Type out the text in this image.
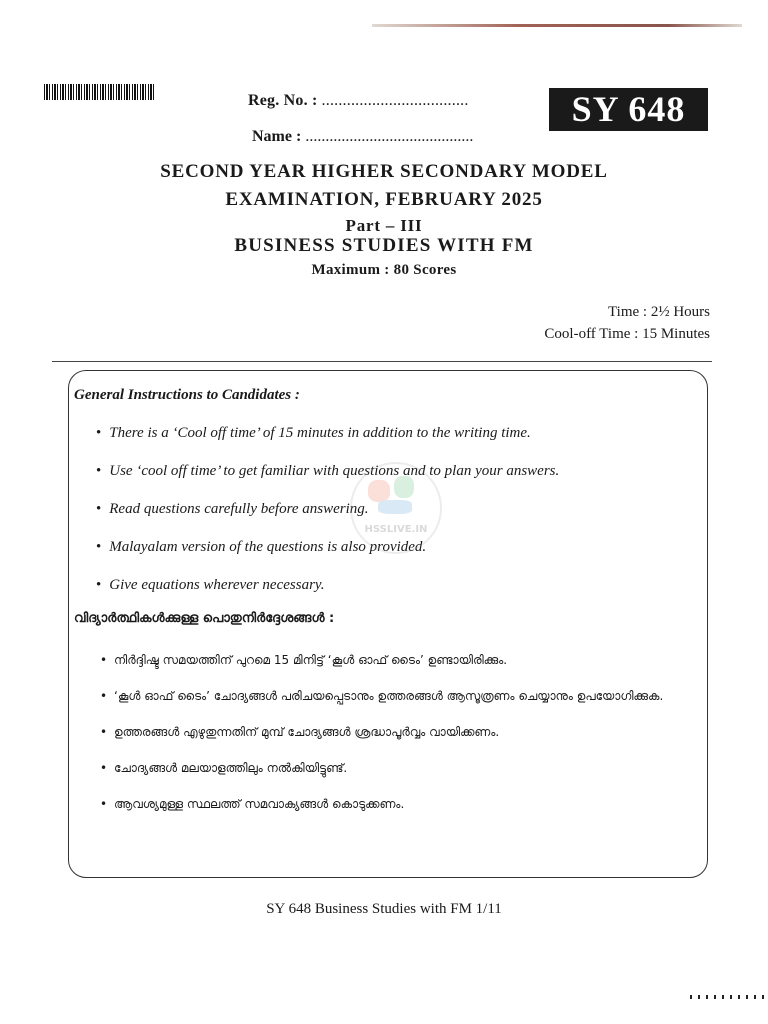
Reg. No. : ...................................
Name : ..........................................
SY 648
SECOND YEAR HIGHER SECONDARY MODEL
EXAMINATION, FEBRUARY 2025
Part – III
BUSINESS STUDIES WITH FM
Maximum : 80 Scores
Time : 2½ Hours
Cool-off Time : 15 Minutes
General Instructions to Candidates :
• There is a ‘Cool off time’ of 15 minutes in addition to the writing time.
• Use ‘cool off time’ to get familiar with questions and to plan your answers.
• Read questions carefully before answering.
• Malayalam version of the questions is also provided.
• Give equations wherever necessary.
HSSLIVE.IN
വിദ്യാർത്ഥികൾക്കുള്ള പൊതുനിർദ്ദേശങ്ങൾ :
• നിർദ്ദിഷ്ട സമയത്തിന് പുറമെ 15 മിനിട്ട് ‘കൂൾ ഓഫ് ടൈം’ ഉണ്ടായിരിക്കും.
• ‘കൂൾ ഓഫ് ടൈം’ ചോദ്യങ്ങൾ പരിചയപ്പെടാനും ഉത്തരങ്ങൾ ആസൂത്രണം ചെയ്യാനും ഉപയോഗിക്കുക.
• ഉത്തരങ്ങൾ എഴുതുന്നതിന് മുമ്പ് ചോദ്യങ്ങൾ ശ്രദ്ധാപൂർവ്വം വായിക്കണം.
• ചോദ്യങ്ങൾ മലയാളത്തിലും നൽകിയിട്ടുണ്ട്.
• ആവശ്യമുള്ള സ്ഥലത്ത് സമവാക്യങ്ങൾ കൊടുക്കണം.
SY 648 Business Studies with FM 1/11
